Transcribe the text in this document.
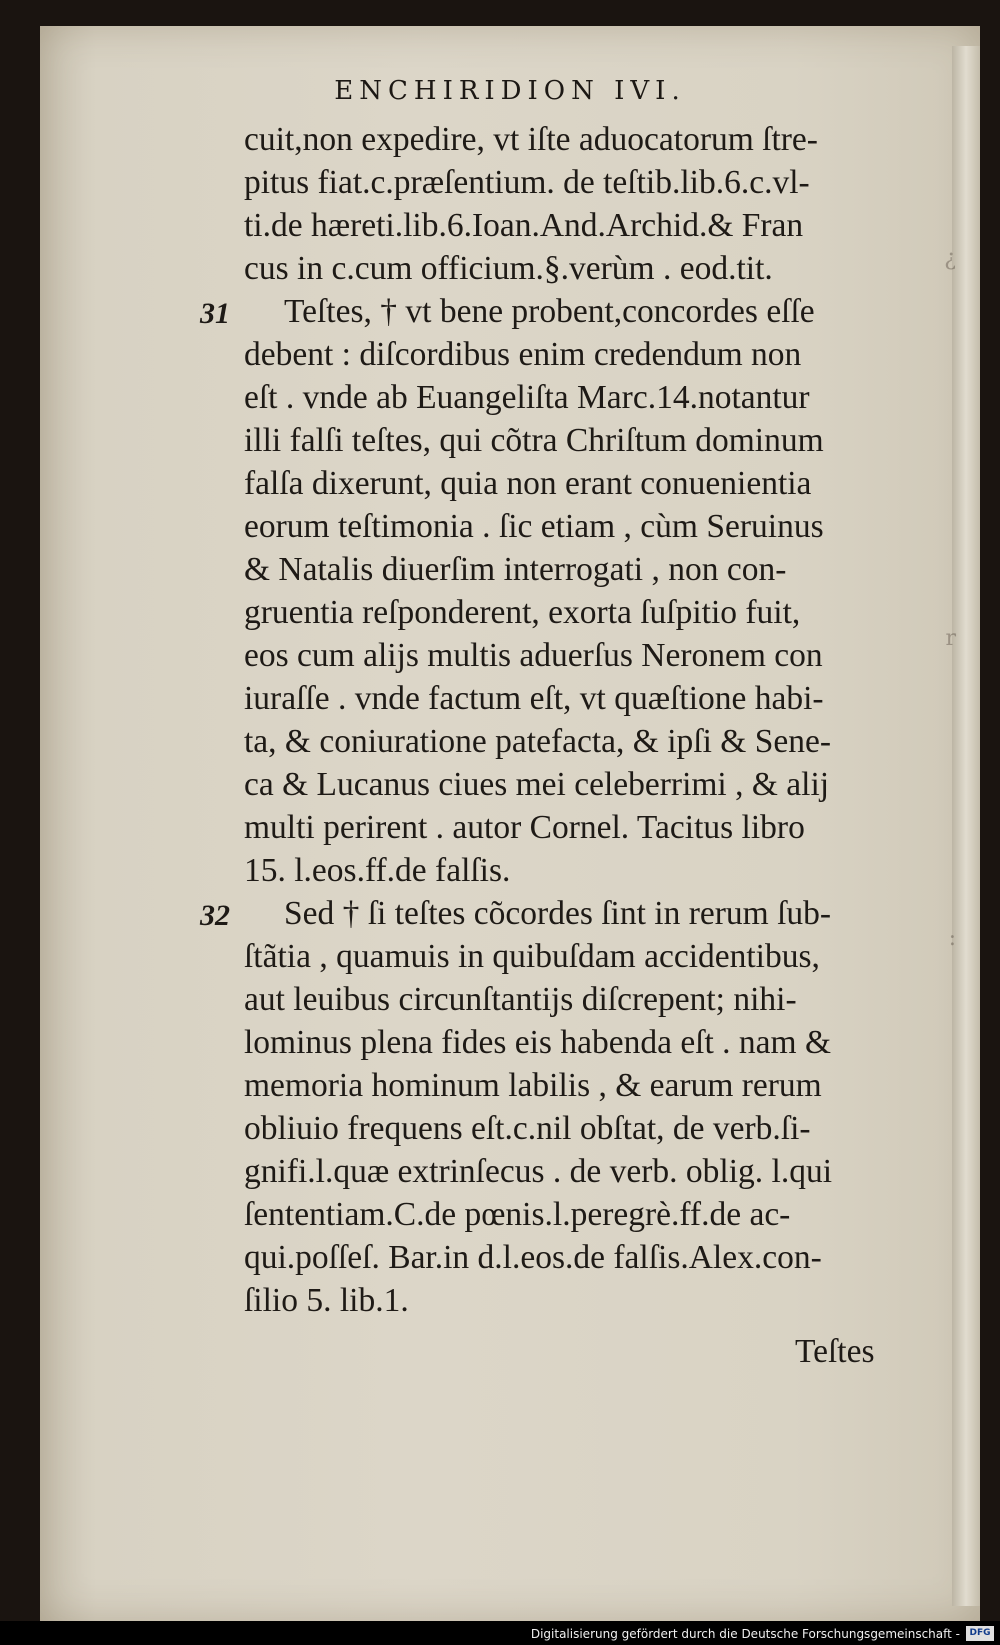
¿
r
:
ENCHIRIDION IVI.
cuit,non expedire, vt iſte aduocatorum ſtre-
pitus fiat.c.præſentium. de teſtib.lib.6.c.vl-
ti.de hæreti.lib.6.Ioan.And.Archid.& Fran
cus in c.cum officium.§.verùm . eod.tit.
31 Teſtes, † vt bene probent,concordes eſſe
debent : diſcordibus enim credendum non
eſt . vnde ab Euangeliſta Marc.14.notantur
illi falſi teſtes, qui cõtra Chriſtum dominum
falſa dixerunt, quia non erant conuenientia
eorum teſtimonia . ſic etiam , cùm Seruinus
& Natalis diuerſim interrogati , non con-
gruentia reſponderent, exorta ſuſpitio fuit,
eos cum alijs multis aduerſus Neronem con
iuraſſe . vnde factum eſt, vt quæſtione habi-
ta, & coniuratione patefacta, & ipſi & Sene-
ca & Lucanus ciues mei celeberrimi , & alij
multi perirent . autor Cornel. Tacitus libro
15. l.eos.ff.de falſis.
32 Sed † ſi teſtes cõcordes ſint in rerum ſub-
ſtãtia , quamuis in quibuſdam accidentibus,
aut leuibus circunſtantijs diſcrepent; nihi-
lominus plena fides eis habenda eſt . nam &
memoria hominum labilis , & earum rerum
obliuio frequens eſt.c.nil obſtat, de verb.ſi-
gnifi.l.quæ extrinſecus . de verb. oblig. l.qui
ſententiam.C.de pœnis.l.peregrè.ff.de ac-
qui.poſſeſ. Bar.in d.l.eos.de falſis.Alex.con-
ſilio 5. lib.1.
Teſtes
Digitalisierung gefördert durch die Deutsche Forschungsgemeinschaft -	DFG
